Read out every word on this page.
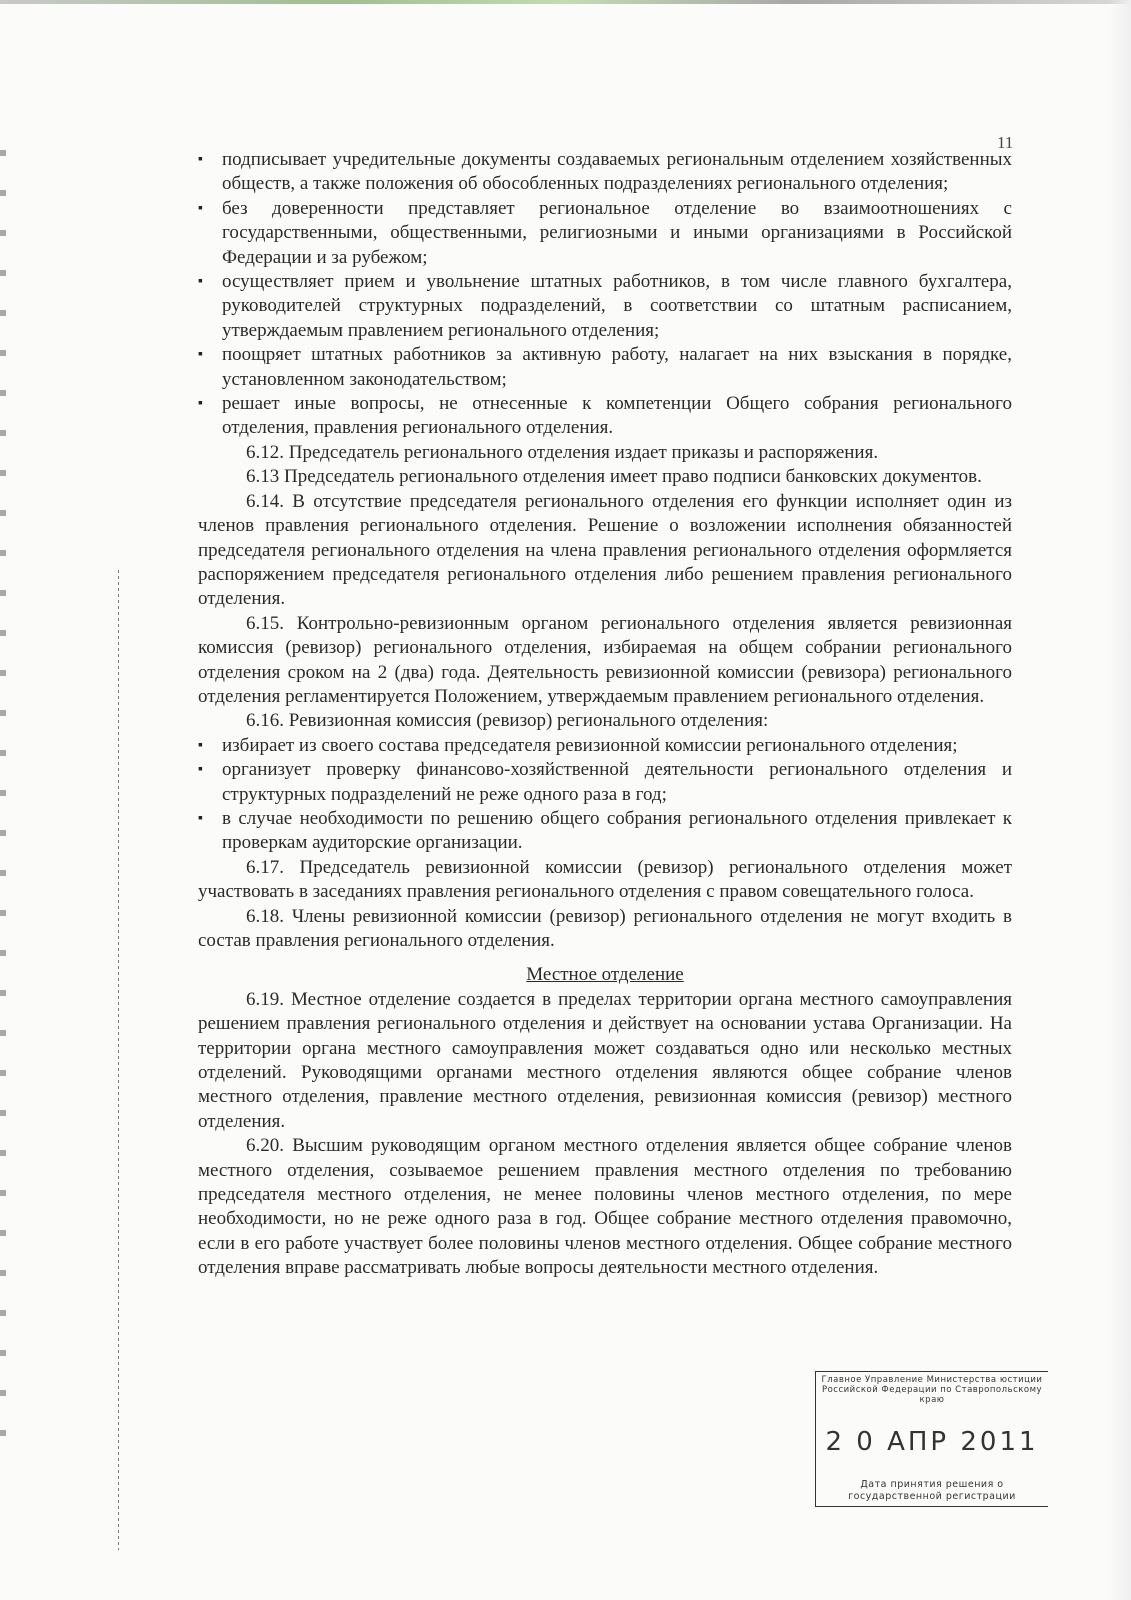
11

▪ подписывает учредительные документы создаваемых региональным отделением хозяйственных обществ, а также положения об обособленных подразделениях регионального отделения;

▪ без доверенности представляет региональное отделение во взаимоотношениях с государственными, общественными, религиозными и иными организациями в Российской Федерации и за рубежом;

▪ осуществляет прием и увольнение штатных работников, в том числе главного бухгалтера, руководителей структурных подразделений, в соответствии со штатным расписанием, утверждаемым правлением регионального отделения;

▪ поощряет штатных работников за активную работу, налагает на них взыскания в порядке, установленном законодательством;

▪ решает иные вопросы, не отнесенные к компетенции Общего собрания регионального отделения, правления регионального отделения.

6.12. Председатель регионального отделения издает приказы и распоряжения.

6.13 Председатель регионального отделения имеет право подписи банковских документов.

6.14. В отсутствие председателя регионального отделения его функции исполняет один из членов правления регионального отделения. Решение о возложении исполнения обязанностей председателя регионального отделения на члена правления регионального отделения оформляется распоряжением председателя регионального отделения либо решением правления регионального отделения.

6.15. Контрольно-ревизионным органом регионального отделения является ревизионная комиссия (ревизор) регионального отделения, избираемая на общем собрании регионального отделения сроком на 2 (два) года. Деятельность ревизионной комиссии (ревизора) регионального отделения регламентируется Положением, утверждаемым правлением регионального отделения.

6.16. Ревизионная комиссия (ревизор) регионального отделения:

▪ избирает из своего состава председателя ревизионной комиссии регионального отделения;

▪ организует проверку финансово-хозяйственной деятельности регионального отделения и структурных подразделений не реже одного раза в год;

▪ в случае необходимости по решению общего собрания регионального отделения привлекает к проверкам аудиторские организации.

6.17. Председатель ревизионной комиссии (ревизор) регионального отделения может участвовать в заседаниях правления регионального отделения с правом совещательного голоса.

6.18. Члены ревизионной комиссии (ревизор) регионального отделения не могут входить в состав правления регионального отделения.

Местное отделение

6.19. Местное отделение создается в пределах территории органа местного самоуправления решением правления регионального отделения и действует на основании устава Организации. На территории органа местного самоуправления может создаваться одно или несколько местных отделений. Руководящими органами местного отделения являются общее собрание членов местного отделения, правление местного отделения, ревизионная комиссия (ревизор) местного отделения.

6.20. Высшим руководящим органом местного отделения является общее собрание членов местного отделения, созываемое решением правления местного отделения по требованию председателя местного отделения, не менее половины членов местного отделения, по мере необходимости, но не реже одного раза в год. Общее собрание местного отделения правомочно, если в его работе участвует более половины членов местного отделения. Общее собрание местного отделения вправе рассматривать любые вопросы деятельности местного отделения.

Главное Управление Министерства юстиции Российской Федерации по Ставропольскому краю
2 0 АПР 2011
Дата принятия решения о государственной регистрации
